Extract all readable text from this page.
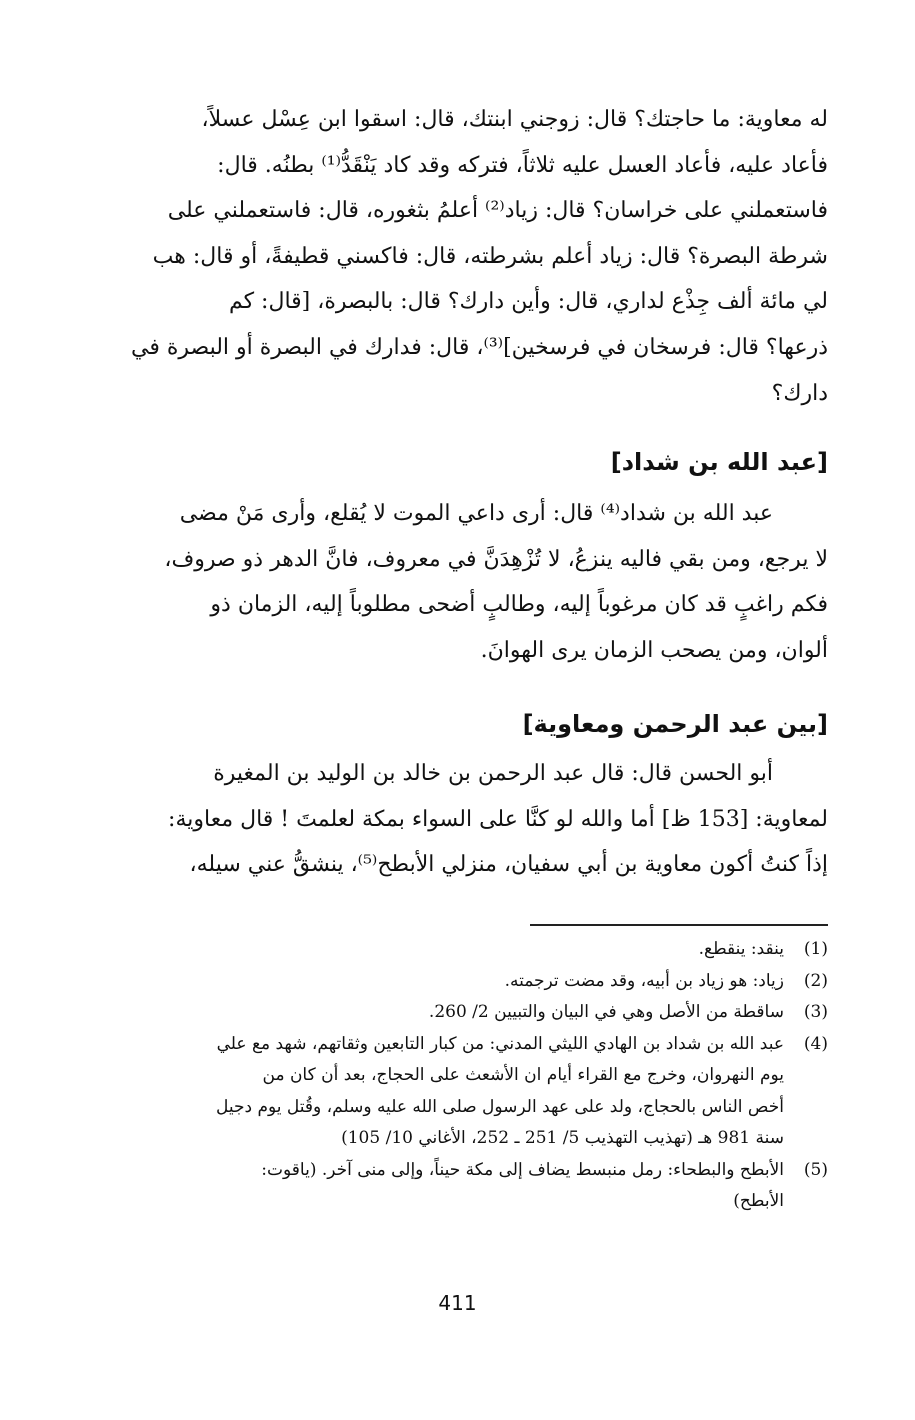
له معاوية: ما حاجتك؟ قال: زوجني ابنتك، قال: اسقوا ابن عِسْل عسلاً،
فأعاد عليه، فأعاد العسل عليه ثلاثاً، فتركه وقد كاد يَنْقَدُّ⁽¹⁾ بطنُه. قال:
فاستعملني على خراسان؟ قال: زياد⁽²⁾ أعلمُ بثغوره، قال: فاستعملني على
شرطة البصرة؟ قال: زياد أعلم بشرطته، قال: فاكسني قطيفةً، أو قال: هب
لي مائة ألف جِذْع لداري، قال: وأين دارك؟ قال: بالبصرة، [قال: كم
ذرعها؟ قال: فرسخان في فرسخين]⁽³⁾، قال: فدارك في البصرة أو البصرة في
دارك؟
[عبد الله بن شداد]
عبد الله بن شداد⁽⁴⁾ قال: أرى داعي الموت لا يُقلع، وأرى مَنْ مضى
لا يرجع، ومن بقي فاليه ينزعُ، لا تُزْهِدَنَّ في معروف، فانَّ الدهر ذو صروف،
فكم راغبٍ قد كان مرغوباً إليه، وطالبٍ أضحى مطلوباً إليه، الزمان ذو
ألوان، ومن يصحب الزمان يرى الهوانَ.
[بين عبد الرحمن ومعاوية]
أبو الحسن قال: قال عبد الرحمن بن خالد بن الوليد بن المغيرة
لمعاوية: [153 ظ] أما والله لو كنَّا على السواء بمكة لعلمتَ ! قال معاوية:
إذاً كنتُ أكون معاوية بن أبي سفيان، منزلي الأبطح⁽⁵⁾، ينشقُّ عني سيله،
(1)
ينقد: ينقطع.
(2)
زياد: هو زياد بن أبيه، وقد مضت ترجمته.
(3)
ساقطة من الأصل وهي في البيان والتبيين 2/ 260.
(4)
عبد الله بن شداد بن الهادي الليثي المدني: من كبار التابعين وثقاتهم، شهد مع علي
يوم النهروان، وخرج مع القراء أيام ان الأشعث على الحجاج، بعد أن كان من
أخص الناس بالحجاج، ولد على عهد الرسول صلى الله عليه وسلم، وقُتل يوم دجيل
سنة 981 هـ (تهذيب التهذيب 5/ 251 ـ 252، الأغاني 10/ 105)
(5)
الأبطح والبطحاء: رمل منبسط يضاف إلى مكة حيناً، وإلى منى آخر. (ياقوت:
الأبطح)
411
